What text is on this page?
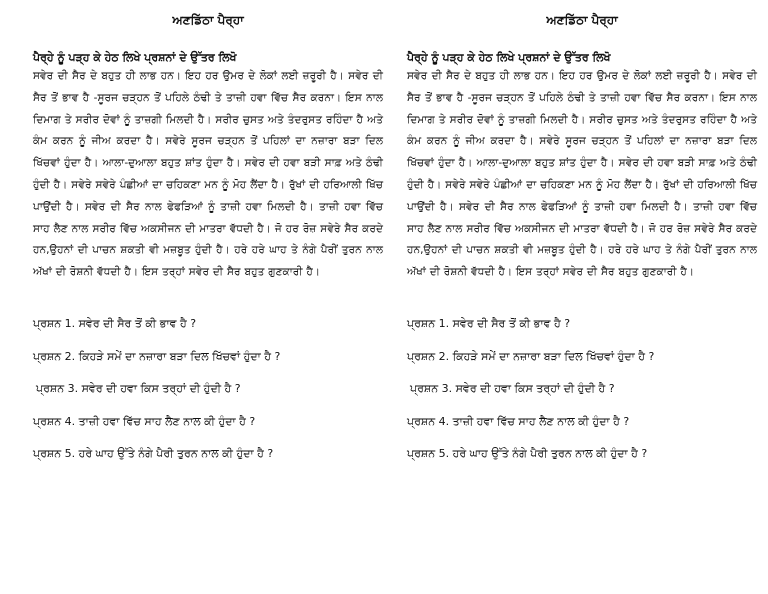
ਅਣਡਿੱਠਾ ਪੈਰ੍ਹਾ

ਪੈਰ੍ਹੇ ਨੂੰ ਪੜ੍ਹ ਕੇ ਹੇਠ ਲਿਖੇ ਪ੍ਰਸ਼ਨਾਂ ਦੇ ਉੱਤਰ ਲਿਖੋ

ਸਵੇਰ ਦੀ ਸੈਰ ਦੇ ਬਹੁਤ ਹੀ ਲਾਭ ਹਨ। ਇਹ ਹਰ ਉਮਰ ਦੇ ਲੋਕਾਂ ਲਈ ਜ਼ਰੂਰੀ ਹੈ। ਸਵੇਰ ਦੀ ਸੈਰ ਤੋਂ ਭਾਵ ਹੈ -ਸੂਰਜ ਚੜ੍ਹਨ ਤੋਂ ਪਹਿਲੇ ਠੰਢੀ ਤੇ ਤਾਜ਼ੀ ਹਵਾ ਵਿੱਚ ਸੈਰ ਕਰਨਾ। ਇਸ ਨਾਲ ਦਿਮਾਗ ਤੇ ਸਰੀਰ ਦੋਵਾਂ ਨੂੰ ਤਾਜ਼ਗੀ ਮਿਲਦੀ ਹੈ। ਸਰੀਰ ਚੁਸਤ ਅਤੇ ਤੰਦਰੁਸਤ ਰਹਿੰਦਾ ਹੈ ਅਤੇ ਕੰਮ ਕਰਨ ਨੂੰ ਜੀਅ ਕਰਦਾ ਹੈ। ਸਵੇਰੇ ਸੂਰਜ ਚੜ੍ਹਨ ਤੋਂ ਪਹਿਲਾਂ ਦਾ ਨਜ਼ਾਰਾ ਬੜਾ ਦਿਲ ਖਿੱਚਵਾਂ ਹੁੰਦਾ ਹੈ। ਆਲਾ-ਦੁਆਲਾ ਬਹੁਤ ਸ਼ਾਂਤ ਹੁੰਦਾ ਹੈ। ਸਵੇਰ ਦੀ ਹਵਾ ਬੜੀ ਸਾਫ਼ ਅਤੇ ਠੰਢੀ ਹੁੰਦੀ ਹੈ। ਸਵੇਰੇ ਸਵੇਰੇ ਪੰਛੀਆਂ ਦਾ ਚਹਿਕਣਾ ਮਨ ਨੂੰ ਮੋਹ ਲੈਂਦਾ ਹੈ। ਰੁੱਖਾਂ ਦੀ ਹਰਿਆਲੀ ਖਿੱਚ ਪਾਉਂਦੀ ਹੈ। ਸਵੇਰ ਦੀ ਸੈਰ ਨਾਲ ਫੇਫੜਿਆਂ ਨੂੰ ਤਾਜ਼ੀ ਹਵਾ ਮਿਲਦੀ ਹੈ। ਤਾਜ਼ੀ ਹਵਾ ਵਿੱਚ ਸਾਹ ਲੈਣ ਨਾਲ ਸਰੀਰ ਵਿੱਚ ਅਕਸੀਜਨ ਦੀ ਮਾਤਰਾ ਵੱਧਦੀ ਹੈ। ਜੋ ਹਰ ਰੋਜ਼ ਸਵੇਰੇ ਸੈਰ ਕਰਦੇ ਹਨ,ਉਹਨਾਂ ਦੀ ਪਾਚਨ ਸ਼ਕਤੀ ਵੀ ਮਜ਼ਬੂਤ ਹੁੰਦੀ ਹੈ। ਹਰੇ ਹਰੇ ਘਾਹ ਤੇ ਨੰਗੇ ਪੈਰੀਂ ਤੁਰਨ ਨਾਲ ਅੱਖਾਂ ਦੀ ਰੋਸ਼ਨੀ ਵੱਧਦੀ ਹੈ। ਇਸ ਤਰ੍ਹਾਂ ਸਵੇਰ ਦੀ ਸੈਰ ਬਹੁਤ ਗੁਣਕਾਰੀ ਹੈ।

ਪ੍ਰਸ਼ਨ 1. ਸਵੇਰ ਦੀ ਸੈਰ ਤੋਂ ਕੀ ਭਾਵ ਹੈ ?
ਪ੍ਰਸ਼ਨ 2. ਕਿਹੜੇ ਸਮੇਂ ਦਾ ਨਜ਼ਾਰਾ ਬੜਾ ਦਿਲ ਖਿੱਚਵਾਂ ਹੁੰਦਾ ਹੈ ?
ਪ੍ਰਸ਼ਨ 3. ਸਵੇਰ ਦੀ ਹਵਾ ਕਿਸ ਤਰ੍ਹਾਂ ਦੀ ਹੁੰਦੀ ਹੈ ?
ਪ੍ਰਸ਼ਨ 4. ਤਾਜ਼ੀ ਹਵਾ ਵਿੱਚ ਸਾਹ ਲੈਣ ਨਾਲ ਕੀ ਹੁੰਦਾ ਹੈ ?
ਪ੍ਰਸ਼ਨ 5. ਹਰੇ ਘਾਹ ਉੱਤੇ ਨੰਗੇ ਪੈਰੀ ਤੁਰਨ ਨਾਲ ਕੀ ਹੁੰਦਾ ਹੈ ?
ਅਣਡਿੱਠਾ ਪੈਰ੍ਹਾ

ਪੈਰ੍ਹੇ ਨੂੰ ਪੜ੍ਹ ਕੇ ਹੇਠ ਲਿਖੇ ਪ੍ਰਸ਼ਨਾਂ ਦੇ ਉੱਤਰ ਲਿਖੋ

ਸਵੇਰ ਦੀ ਸੈਰ ਦੇ ਬਹੁਤ ਹੀ ਲਾਭ ਹਨ। ਇਹ ਹਰ ਉਮਰ ਦੇ ਲੋਕਾਂ ਲਈ ਜ਼ਰੂਰੀ ਹੈ। ਸਵੇਰ ਦੀ ਸੈਰ ਤੋਂ ਭਾਵ ਹੈ -ਸੂਰਜ ਚੜ੍ਹਨ ਤੋਂ ਪਹਿਲੇ ਠੰਢੀ ਤੇ ਤਾਜ਼ੀ ਹਵਾ ਵਿੱਚ ਸੈਰ ਕਰਨਾ। ਇਸ ਨਾਲ ਦਿਮਾਗ ਤੇ ਸਰੀਰ ਦੋਵਾਂ ਨੂੰ ਤਾਜ਼ਗੀ ਮਿਲਦੀ ਹੈ। ਸਰੀਰ ਚੁਸਤ ਅਤੇ ਤੰਦਰੁਸਤ ਰਹਿੰਦਾ ਹੈ ਅਤੇ ਕੰਮ ਕਰਨ ਨੂੰ ਜੀਅ ਕਰਦਾ ਹੈ। ਸਵੇਰੇ ਸੂਰਜ ਚੜ੍ਹਨ ਤੋਂ ਪਹਿਲਾਂ ਦਾ ਨਜ਼ਾਰਾ ਬੜਾ ਦਿਲ ਖਿੱਚਵਾਂ ਹੁੰਦਾ ਹੈ। ਆਲਾ-ਦੁਆਲਾ ਬਹੁਤ ਸ਼ਾਂਤ ਹੁੰਦਾ ਹੈ। ਸਵੇਰ ਦੀ ਹਵਾ ਬੜੀ ਸਾਫ਼ ਅਤੇ ਠੰਢੀ ਹੁੰਦੀ ਹੈ। ਸਵੇਰੇ ਸਵੇਰੇ ਪੰਛੀਆਂ ਦਾ ਚਹਿਕਣਾ ਮਨ ਨੂੰ ਮੋਹ ਲੈਂਦਾ ਹੈ। ਰੁੱਖਾਂ ਦੀ ਹਰਿਆਲੀ ਖਿੱਚ ਪਾਉਂਦੀ ਹੈ। ਸਵੇਰ ਦੀ ਸੈਰ ਨਾਲ ਫੇਫੜਿਆਂ ਨੂੰ ਤਾਜ਼ੀ ਹਵਾ ਮਿਲਦੀ ਹੈ। ਤਾਜ਼ੀ ਹਵਾ ਵਿੱਚ ਸਾਹ ਲੈਣ ਨਾਲ ਸਰੀਰ ਵਿੱਚ ਅਕਸੀਜਨ ਦੀ ਮਾਤਰਾ ਵੱਧਦੀ ਹੈ। ਜੋ ਹਰ ਰੋਜ਼ ਸਵੇਰੇ ਸੈਰ ਕਰਦੇ ਹਨ,ਉਹਨਾਂ ਦੀ ਪਾਚਨ ਸ਼ਕਤੀ ਵੀ ਮਜ਼ਬੂਤ ਹੁੰਦੀ ਹੈ। ਹਰੇ ਹਰੇ ਘਾਹ ਤੇ ਨੰਗੇ ਪੈਰੀਂ ਤੁਰਨ ਨਾਲ ਅੱਖਾਂ ਦੀ ਰੋਸ਼ਨੀ ਵੱਧਦੀ ਹੈ। ਇਸ ਤਰ੍ਹਾਂ ਸਵੇਰ ਦੀ ਸੈਰ ਬਹੁਤ ਗੁਣਕਾਰੀ ਹੈ।

ਪ੍ਰਸ਼ਨ 1. ਸਵੇਰ ਦੀ ਸੈਰ ਤੋਂ ਕੀ ਭਾਵ ਹੈ ?
ਪ੍ਰਸ਼ਨ 2. ਕਿਹੜੇ ਸਮੇਂ ਦਾ ਨਜ਼ਾਰਾ ਬੜਾ ਦਿਲ ਖਿੱਚਵਾਂ ਹੁੰਦਾ ਹੈ ?
ਪ੍ਰਸ਼ਨ 3. ਸਵੇਰ ਦੀ ਹਵਾ ਕਿਸ ਤਰ੍ਹਾਂ ਦੀ ਹੁੰਦੀ ਹੈ ?
ਪ੍ਰਸ਼ਨ 4. ਤਾਜ਼ੀ ਹਵਾ ਵਿੱਚ ਸਾਹ ਲੈਣ ਨਾਲ ਕੀ ਹੁੰਦਾ ਹੈ ?
ਪ੍ਰਸ਼ਨ 5. ਹਰੇ ਘਾਹ ਉੱਤੇ ਨੰਗੇ ਪੈਰੀ ਤੁਰਨ ਨਾਲ ਕੀ ਹੁੰਦਾ ਹੈ ?
